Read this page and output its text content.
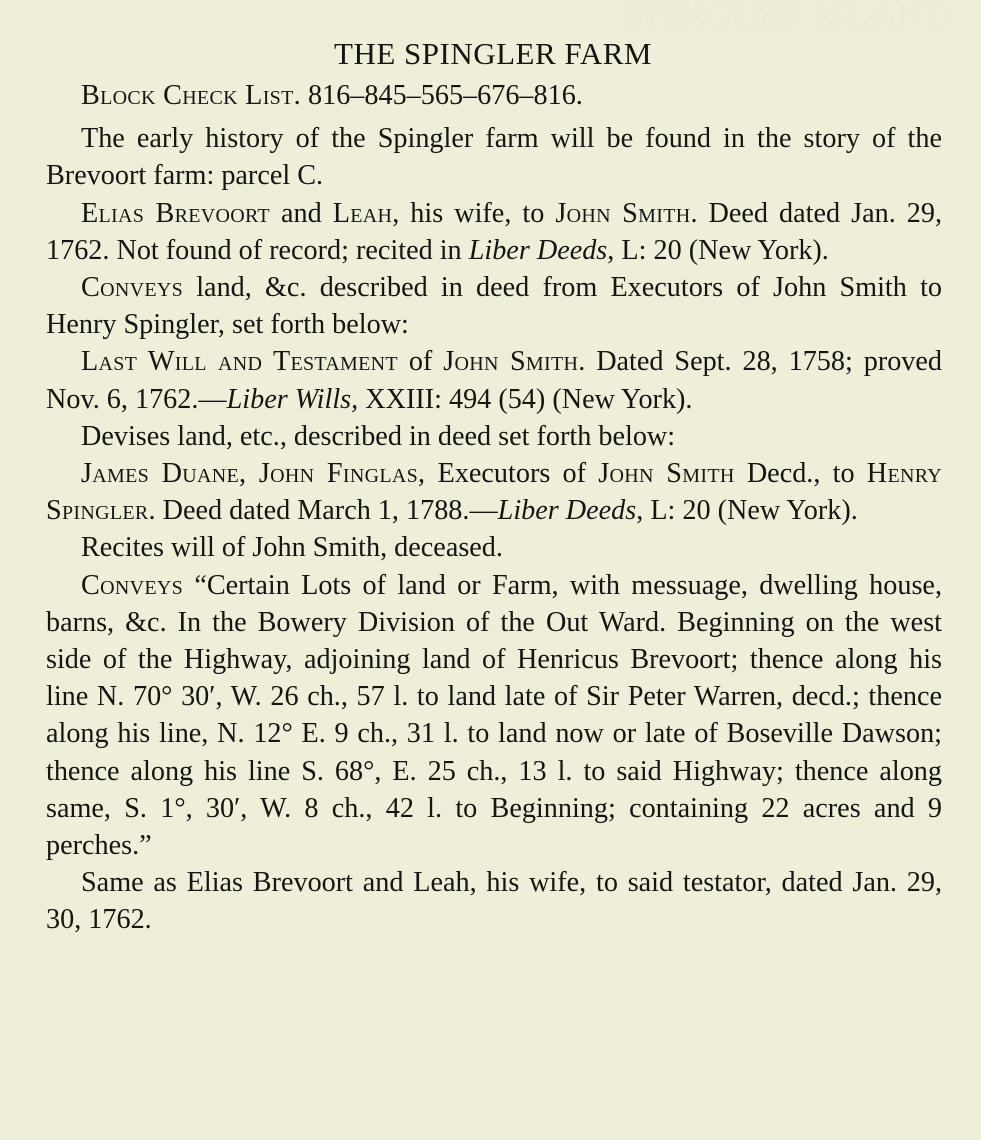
SPINGLER ISLAND
THE SPINGLER FARM

Block Check List. 816–845–565–676–816.

The early history of the Spingler farm will be found in the story of the Brevoort farm: parcel C.

Elias Brevoort and Leah, his wife, to John Smith. Deed dated Jan. 29, 1762. Not found of record; recited in Liber Deeds, L: 20 (New York).

Conveys land, &c. described in deed from Executors of John Smith to Henry Spingler, set forth below:

Last Will and Testament of John Smith. Dated Sept. 28, 1758; proved Nov. 6, 1762.—Liber Wills, XXIII: 494 (54) (New York).

Devises land, etc., described in deed set forth below:

James Duane, John Finglas, Executors of John Smith Decd., to Henry Spingler. Deed dated March 1, 1788.—Liber Deeds, L: 20 (New York).

Recites will of John Smith, deceased.

Conveys “Certain Lots of land or Farm, with messuage, dwelling house, barns, &c. In the Bowery Division of the Out Ward. Beginning on the west side of the Highway, adjoining land of Henricus Brevoort; thence along his line N. 70° 30′, W. 26 ch., 57 l. to land late of Sir Peter Warren, decd.; thence along his line, N. 12° E. 9 ch., 31 l. to land now or late of Boseville Dawson; thence along his line S. 68°, E. 25 ch., 13 l. to said Highway; thence along same, S. 1°, 30′, W. 8 ch., 42 l. to Beginning; containing 22 acres and 9 perches.”

Same as Elias Brevoort and Leah, his wife, to said testator, dated Jan. 29, 30, 1762.
